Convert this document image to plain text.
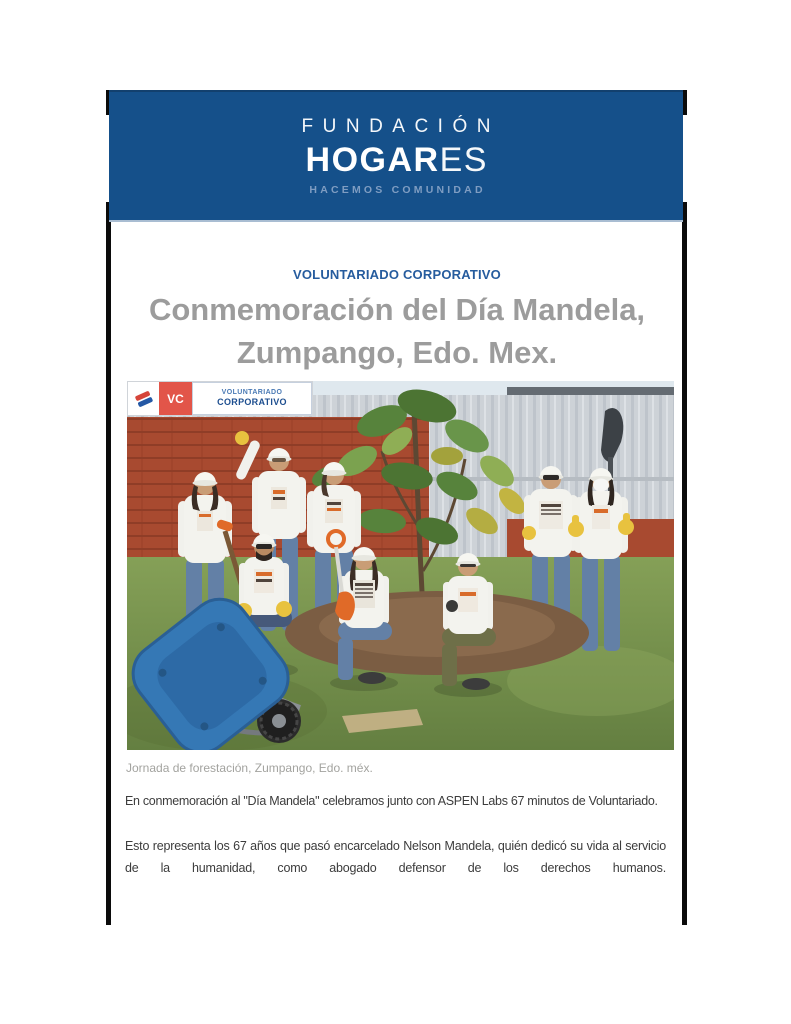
FUNDACIÓN
HOGARES
HACEMOS COMUNIDAD
VOLUNTARIADO CORPORATIVO
Conmemoración del Día Mandela,
Zumpango, Edo. Mex.
VC	VOLUNTARIADO
CORPORATIVO
Jornada de forestación, Zumpango, Edo. méx.

En conmemoración al "Día Mandela" celebramos junto con ASPEN Labs 67 minutos de Voluntariado.

Esto representa los 67 años que pasó encarcelado Nelson Mandela, quién dedicó su vida al servicio de la humanidad, como abogado defensor de los derechos humanos.
